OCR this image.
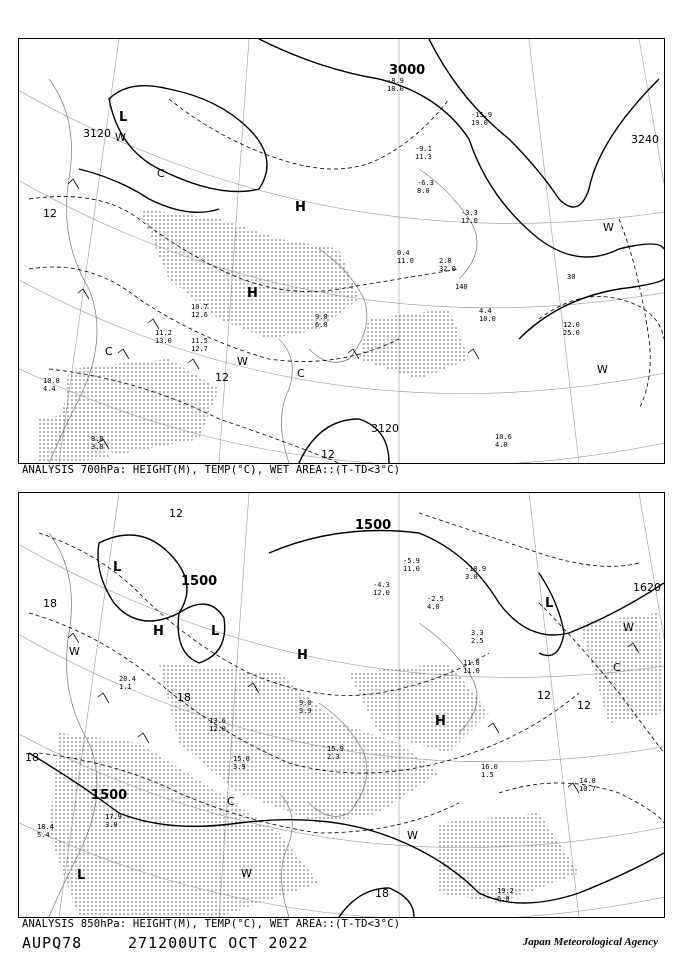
3000
3120	3240
3120
12
12
12
L
H
H
W
W
W
W
C
C
C
30
140
-8.9
18.0
-15.9
19.0
-9.1
11.3
-6.3
8.0
-3.3
17.0
0.4
11.0	2.8
32.0
4.4
10.0
12.0
25.0
10.6
4.0
9.0
6.0
11.2
13.0
10.7
12.6
8.8
3.0
11.5
12.7
10.8
4.4
ANALYSIS 700hPa: HEIGHT(M), TEMP(°C), WET AREA::(T-TD<3°C)
1500
1500
1500
1620
12
12
12
18
18
18
18
L
L
L
L
H
H
H
W
W
W
W
C
C
-4.3
12.0
-5.9
11.0	-10.9
3.0
-2.5
4.0
3.3
2.5
11.8
11.0
13.6
12.0
15.0
3.9	16.0
1.5
14.8
10.7
19.2
6.0
20.4
1.1
18.4
5.4
17.9
3.0
15.9
2.3
9.0
3.9
ANALYSIS 850hPa: HEIGHT(M), TEMP(°C), WET AREA::(T-TD<3°C)
AUPQ78	271200UTC OCT 2022	Japan Meteorological Agency
